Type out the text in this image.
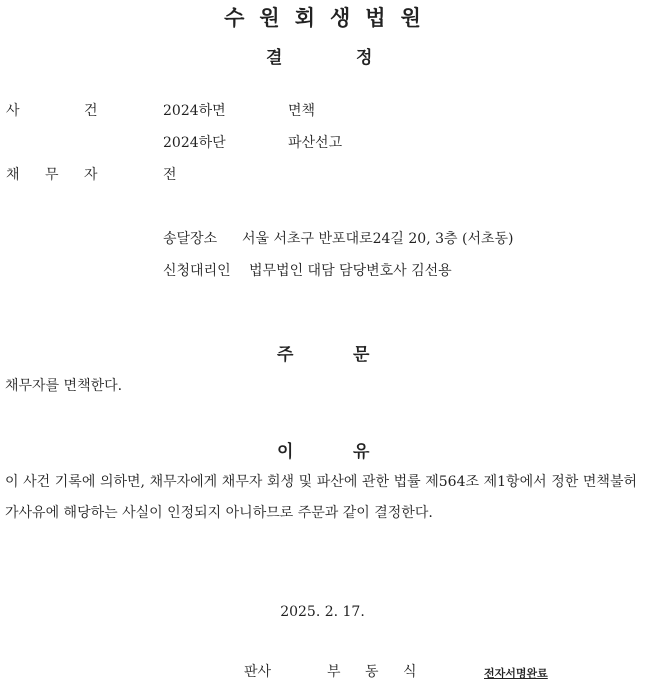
수원회생법원
결	정
사	건	2024하면	면책
2024하단	파산선고
채 무 자	전
송달장소 서울 서초구 반포대로24길 20, 3층 (서초동)
신청대리인 법무법인 대담 담당변호사 김선용
주	문
채무자를 면책한다.
이	유
이 사건 기록에 의하면, 채무자에게 채무자 회생 및 파산에 관한 법률 제564조 제1항에서 정한 면책불허가사유에 해당하는 사실이 인정되지 아니하므로 주문과 같이 결정한다.
2025. 2. 17.
판사	부 동 식	전자서명완료
